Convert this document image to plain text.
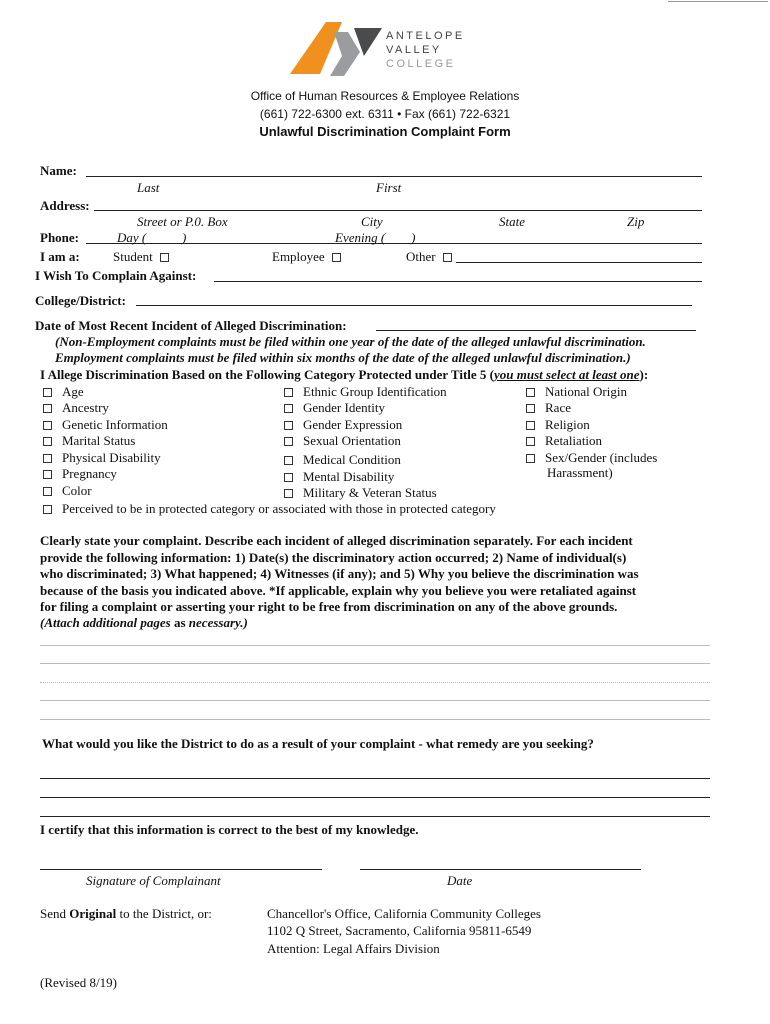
ANTELOPE
VALLEY
COLLEGE
Office of Human Resources & Employee Relations
(661) 722-6300 ext. 6311 • Fax (661) 722-6321
Unlawful Discrimination Complaint Form
Name:
Last	First
Address:
Street or P.0. Box	City	State	Zip
Phone:	Day (           )	Evening (        )
I am a:	Student	Employee	Other
I Wish To Complain Against:
College/District:
Date of Most Recent Incident of Alleged Discrimination:
(Non-Employment complaints must be filed within one year of the date of the alleged unlawful discrimination.
Employment complaints must be filed within six months of the date of the alleged unlawful discrimination.)
I Allege Discrimination Based on the Following Category Protected under Title 5 (you must select at least one):
Age
Ancestry
Genetic Information
Marital Status
Physical Disability
Pregnancy
Color
Ethnic Group Identification
Gender Identity
Gender Expression
Sexual Orientation
Medical Condition
Mental Disability
Military & Veteran Status
National Origin
Race
Religion
Retaliation
Sex/Gender (includes
Harassment)
Perceived to be in protected category or associated with those in protected category
Clearly state your complaint. Describe each incident of alleged discrimination separately. For each incident
provide the following information: 1) Date(s) the discriminatory action occurred; 2) Name of individual(s)
who discriminated; 3) What happened; 4) Witnesses (if any); and 5) Why you believe the discrimination was
because of the basis you indicated above. *If applicable, explain why you believe you were retaliated against
for filing a complaint or asserting your right to be free from discrimination on any of the above grounds.
(Attach additional pages as necessary.)
What would you like the District to do as a result of your complaint - what remedy are you seeking?
I certify that this information is correct to the best of my knowledge.
Signature of Complainant	Date
Send Original to the District, or:	Chancellor's Office, California Community Colleges
1102 Q Street, Sacramento, California 95811-6549
Attention: Legal Affairs Division
(Revised 8/19)
